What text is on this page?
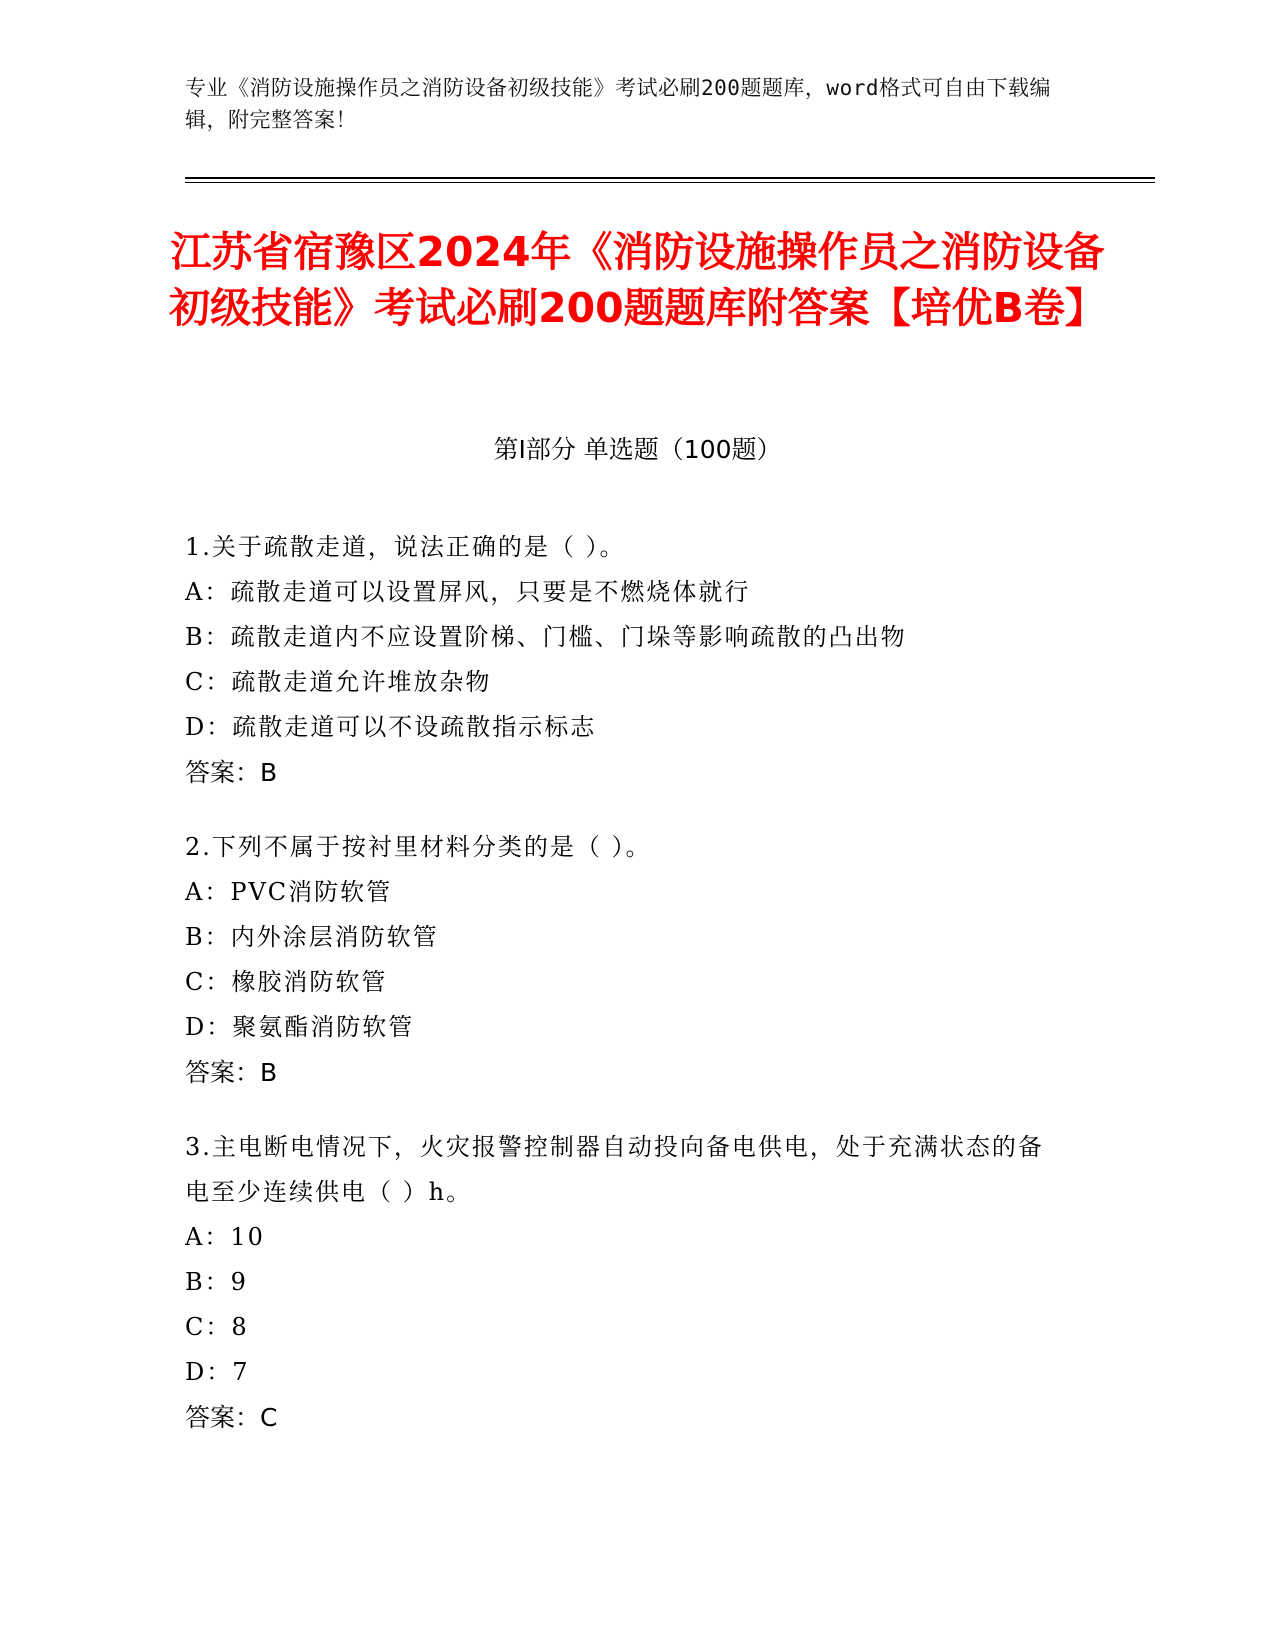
专业《消防设施操作员之消防设备初级技能》考试必刷200题题库，word格式可自由下载编辑，附完整答案！
江苏省宿豫区2024年《消防设施操作员之消防设备初级技能》考试必刷200题题库附答案【培优B卷】
第I部分 单选题（100题）
1.关于疏散走道，说法正确的是（ ）。
A：疏散走道可以设置屏风，只要是不燃烧体就行
B：疏散走道内不应设置阶梯、门槛、门垛等影响疏散的凸出物
C：疏散走道允许堆放杂物
D：疏散走道可以不设疏散指示标志
答案：B
2.下列不属于按衬里材料分类的是（ ）。
A：PVC消防软管
B：内外涂层消防软管
C：橡胶消防软管
D：聚氨酯消防软管
答案：B
3.主电断电情况下，火灾报警控制器自动投向备电供电，处于充满状态的备电至少连续供电（ ）h。
A：10
B：9
C：8
D：7
答案：C
